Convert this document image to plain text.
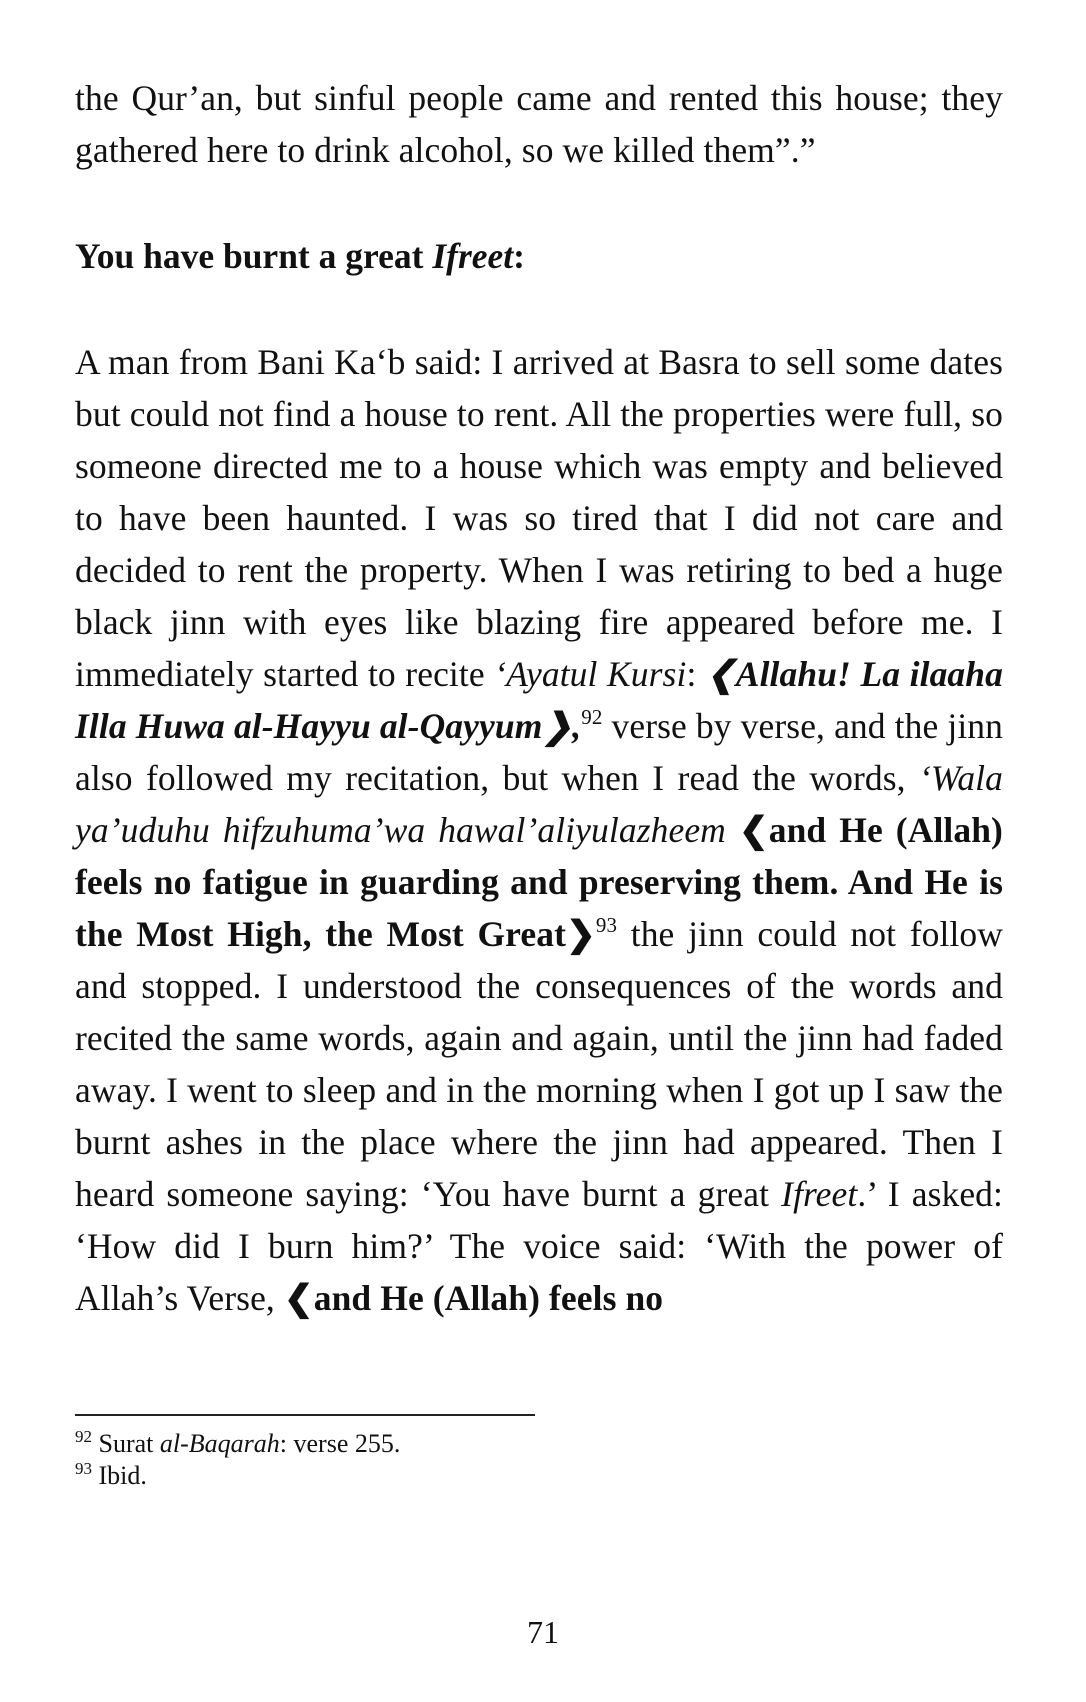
the Qur’an, but sinful people came and rented this house; they gathered here to drink alcohol, so we killed them”.”

You have burnt a great Ifreet:

A man from Bani Ka‘b said: I arrived at Basra to sell some dates but could not find a house to rent. All the properties were full, so someone directed me to a house which was empty and believed to have been haunted. I was so tired that I did not care and decided to rent the property. When I was retiring to bed a huge black jinn with eyes like blazing fire appeared before me. I immediately started to recite ‘Ayatul Kursi: ❮Allahu! La ilaaha Illa Huwa al-Hayyu al-Qayyum❯,$^{92}$ verse by verse, and the jinn also followed my recitation, but when I read the words, ‘Wala ya’uduhu hifzuhuma’wa hawal’aliyulazheem ❮and He (Allah) feels no fatigue in guarding and preserving them. And He is the Most High, the Most Great❯$^{93}$ the jinn could not follow and stopped. I understood the consequences of the words and recited the same words, again and again, until the jinn had faded away. I went to sleep and in the morning when I got up I saw the burnt ashes in the place where the jinn had appeared. Then I heard someone saying: ‘You have burnt a great Ifreet.’ I asked: ‘How did I burn him?’ The voice said: ‘With the power of Allah’s Verse, ❮and He (Allah) feels no

$^{92}$ Surat al-Baqarah: verse 255.

$^{93}$ Ibid.

71
